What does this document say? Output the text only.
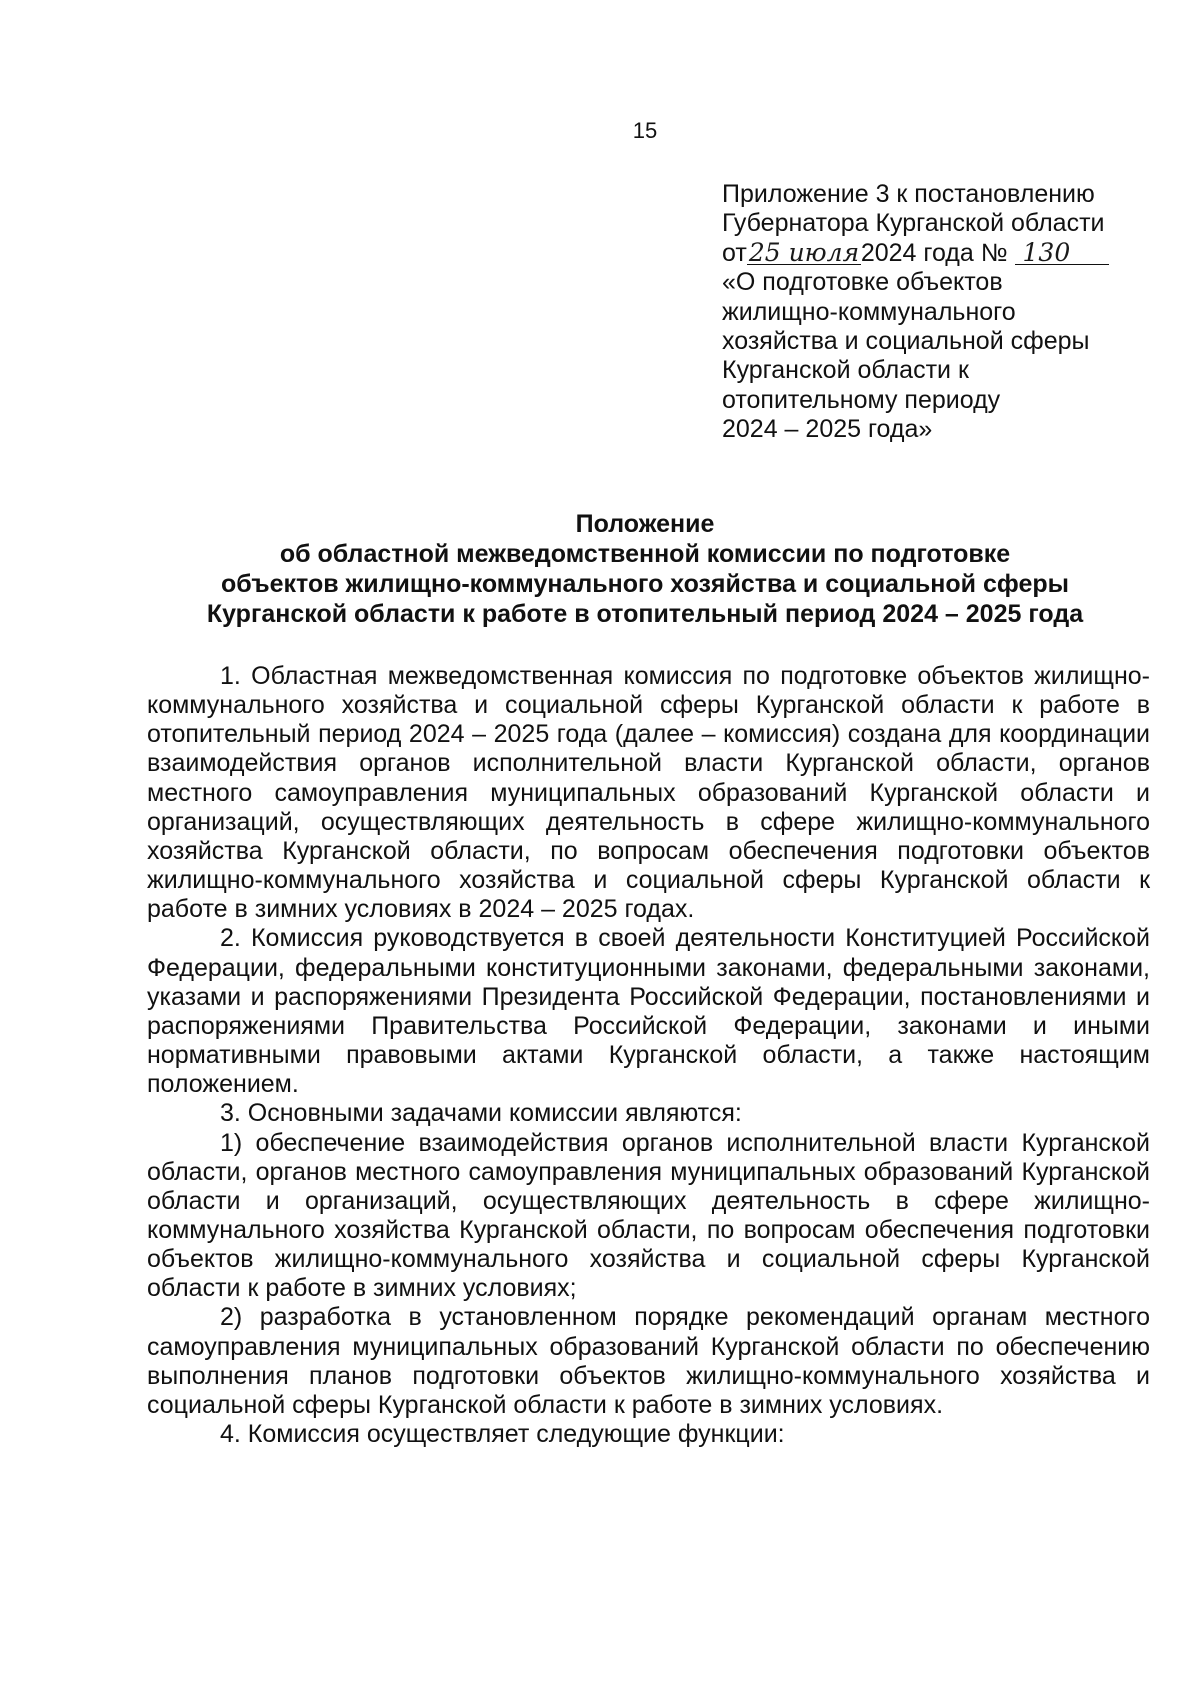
15
Приложение 3 к постановлению
Губернатора Курганской области
от25 июля2024 года № 130
«О подготовке объектов
жилищно-коммунального
хозяйства и социальной сферы
Курганской области к
отопительному периоду
2024 – 2025 года»
Положение
об областной межведомственной комиссии по подготовке
объектов жилищно-коммунального хозяйства и социальной сферы
Курганской области к работе в отопительный период 2024 – 2025 года

1. Областная межведомственная комиссия по подготовке объектов жилищно-коммунального хозяйства и социальной сферы Курганской области к работе в отопительный период 2024 – 2025 года (далее – комиссия) создана для координации взаимодействия органов исполнительной власти Курганской области, органов местного самоуправления муниципальных образований Курганской области и организаций, осуществляющих деятельность в сфере жилищно-коммунального хозяйства Курганской области, по вопросам обеспечения подготовки объектов жилищно-коммунального хозяйства и социальной сферы Курганской области к работе в зимних условиях в 2024 – 2025 годах.

2. Комиссия руководствуется в своей деятельности Конституцией Российской Федерации, федеральными конституционными законами, федеральными законами, указами и распоряжениями Президента Российской Федерации, постановлениями и распоряжениями Правительства Российской Федерации, законами и иными нормативными правовыми актами Курганской области, а также настоящим положением.

3. Основными задачами комиссии являются:

1) обеспечение взаимодействия органов исполнительной власти Курганской области, органов местного самоуправления муниципальных образований Курганской области и организаций, осуществляющих деятельность в сфере жилищно-коммунального хозяйства Курганской области, по вопросам обеспечения подготовки объектов жилищно-коммунального хозяйства и социальной сферы Курганской области к работе в зимних условиях;

2) разработка в установленном порядке рекомендаций органам местного самоуправления муниципальных образований Курганской области по обеспечению выполнения планов подготовки объектов жилищно-коммунального хозяйства и социальной сферы Курганской области к работе в зимних условиях.

4. Комиссия осуществляет следующие функции:
